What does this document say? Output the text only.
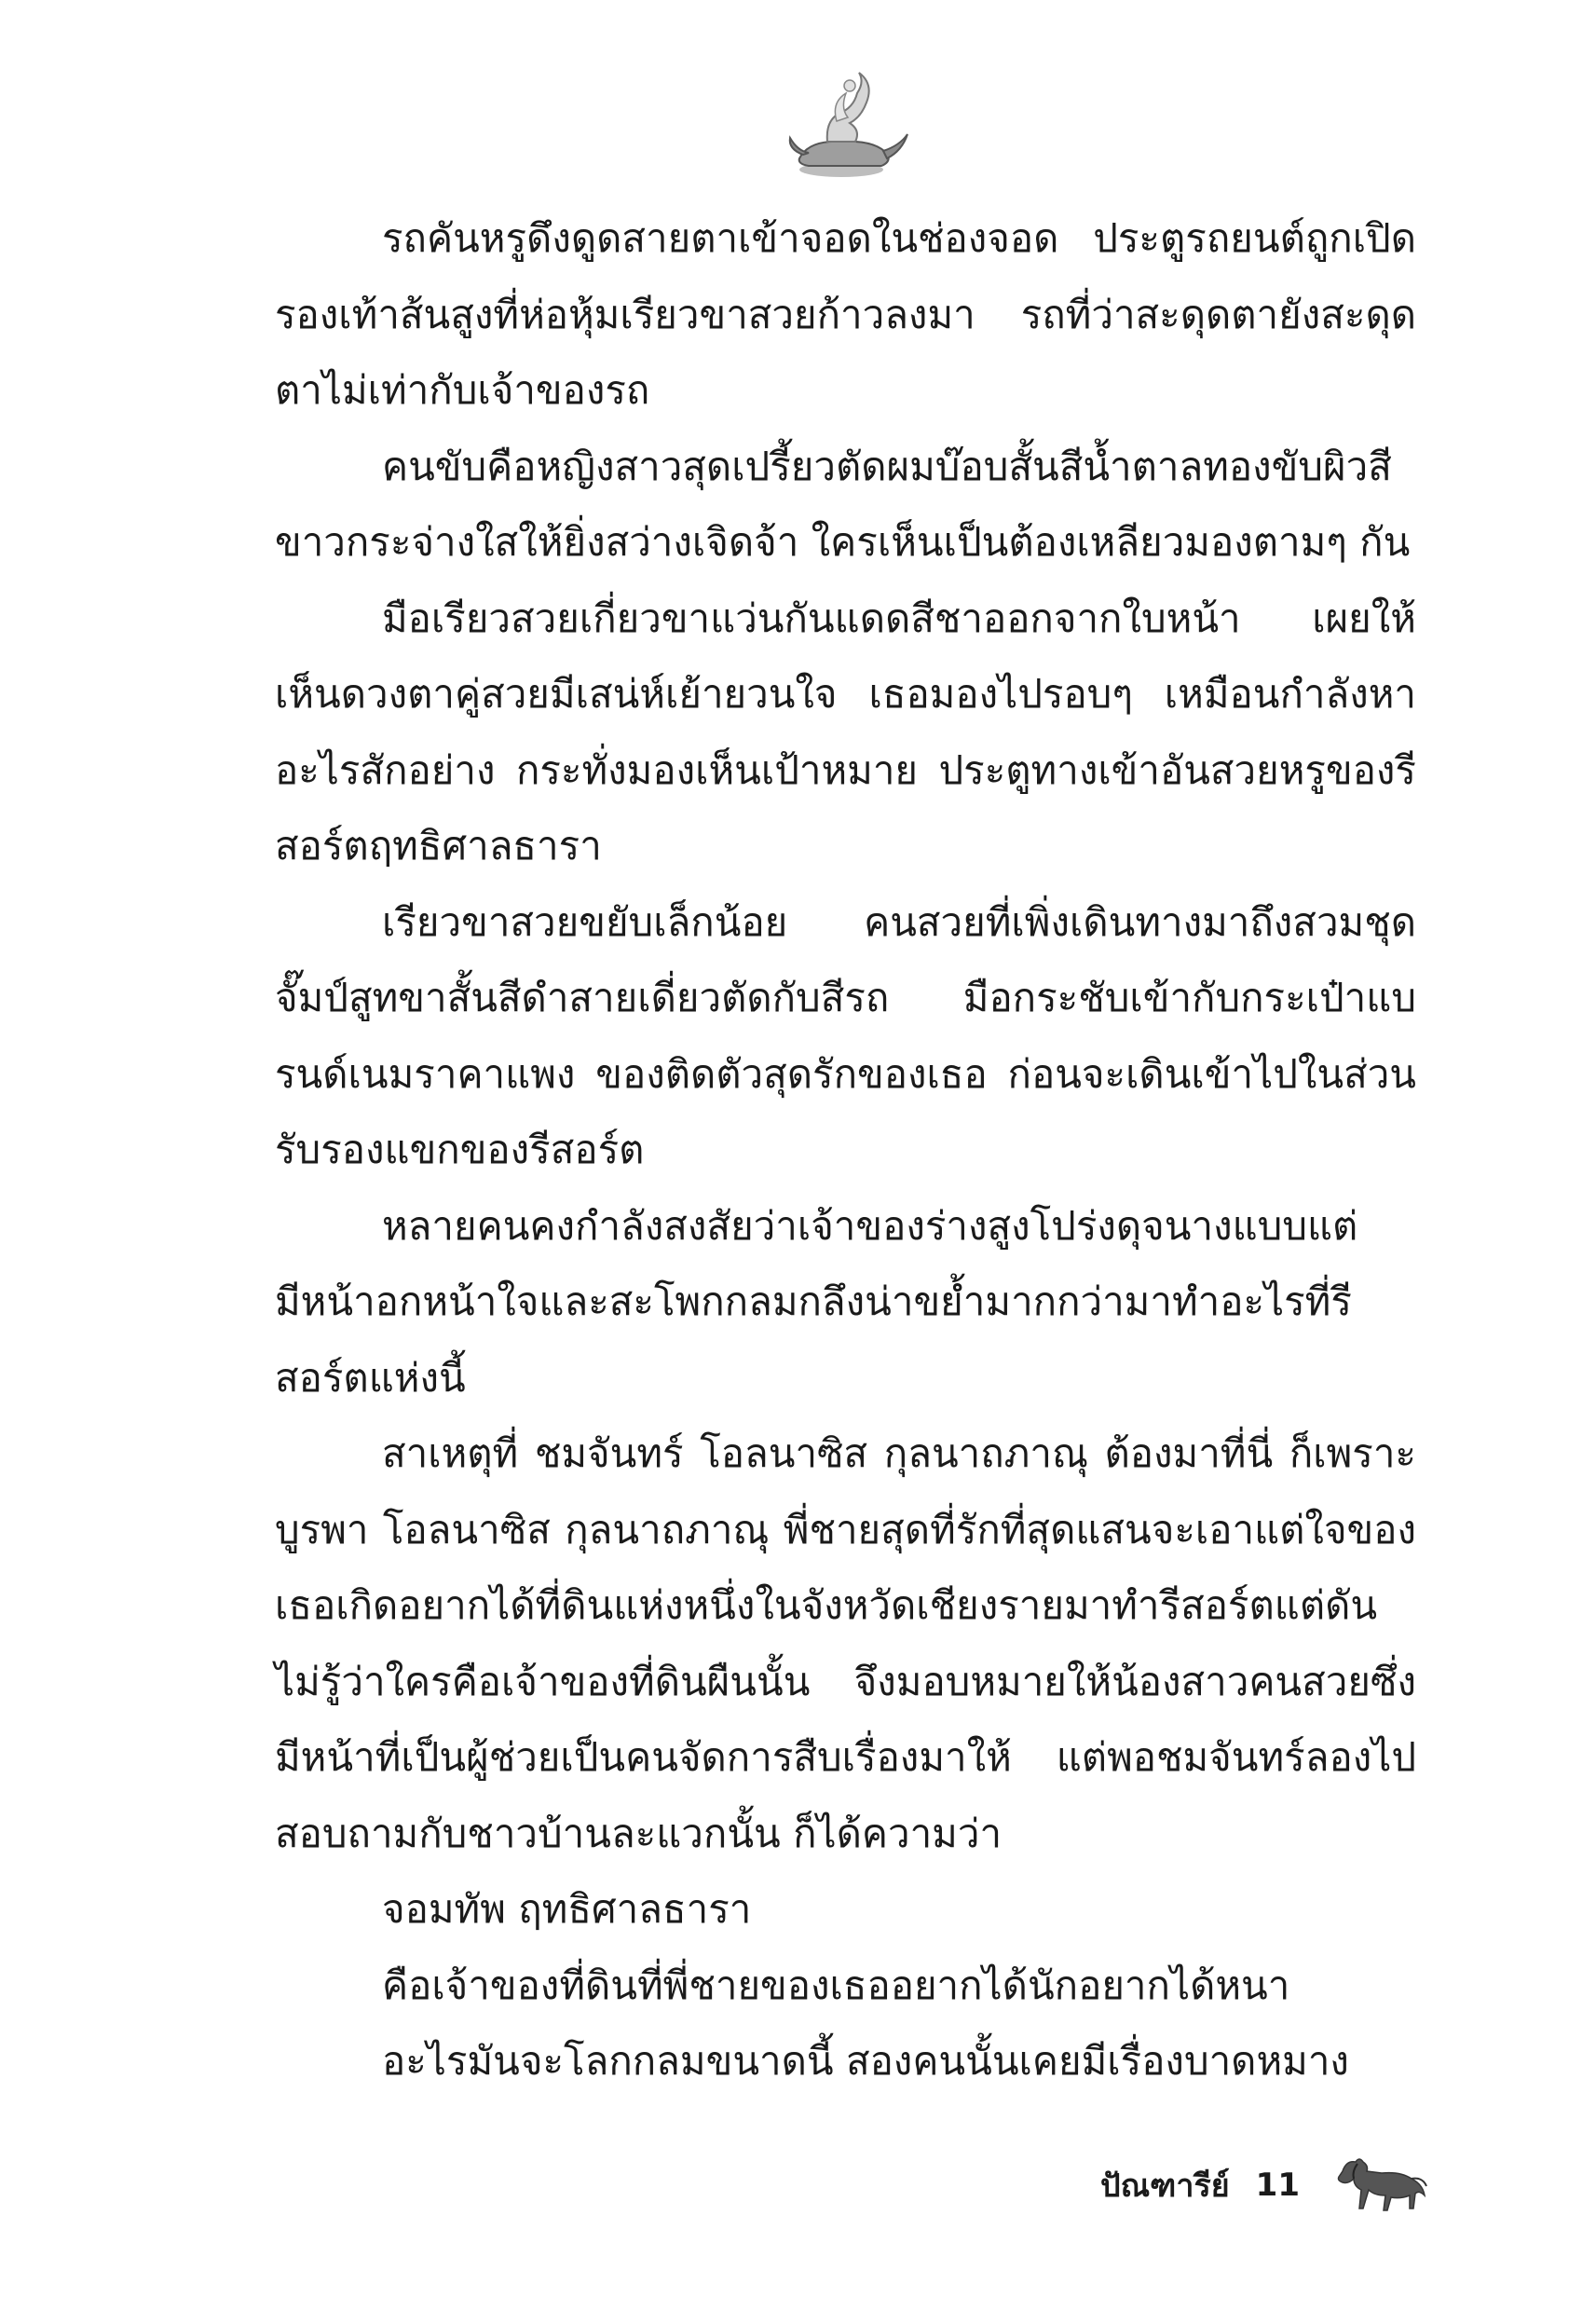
รถคันหรูดึงดูดสายตาเข้าจอดในช่องจอด ประตูรถยนต์ถูกเปิด รองเท้าส้นสูงที่ห่อหุ้มเรียวขาสวยก้าวลงมา รถที่ว่าสะดุดตายังสะดุดตาไม่เท่ากับเจ้าของรถ

คนขับคือหญิงสาวสุดเปรี้ยวตัดผมบ๊อบสั้นสีน้ำตาลทองขับผิวสีขาวกระจ่างใสให้ยิ่งสว่างเจิดจ้า ใครเห็นเป็นต้องเหลียวมองตามๆ กัน

มือเรียวสวยเกี่ยวขาแว่นกันแดดสีชาออกจากใบหน้า เผยให้เห็นดวงตาคู่สวยมีเสน่ห์เย้ายวนใจ เธอมองไปรอบๆ เหมือนกำลังหาอะไรสักอย่าง กระทั่งมองเห็นเป้าหมาย ประตูทางเข้าอันสวยหรูของรีสอร์ตฤทธิศาลธารา

เรียวขาสวยขยับเล็กน้อย คนสวยที่เพิ่งเดินทางมาถึงสวมชุดจั๊มป์สูทขาสั้นสีดำสายเดี่ยวตัดกับสีรถ มือกระชับเข้ากับกระเป๋าแบรนด์เนมราคาแพง ของติดตัวสุดรักของเธอ ก่อนจะเดินเข้าไปในส่วนรับรองแขกของรีสอร์ต

หลายคนคงกำลังสงสัยว่าเจ้าของร่างสูงโปร่งดุจนางแบบแต่มีหน้าอกหน้าใจและสะโพกกลมกลึงน่าขย้ำมากกว่ามาทำอะไรที่รีสอร์ตแห่งนี้

สาเหตุที่ ชมจันทร์ โอลนาซิส กุลนาถภาณุ ต้องมาที่นี่ ก็เพราะบูรพา โอลนาซิส กุลนาถภาณุ พี่ชายสุดที่รักที่สุดแสนจะเอาแต่ใจของเธอเกิดอยากได้ที่ดินแห่งหนึ่งในจังหวัดเชียงรายมาทำรีสอร์ตแต่ดันไม่รู้ว่าใครคือเจ้าของที่ดินผืนนั้น จึงมอบหมายให้น้องสาวคนสวยซึ่งมีหน้าที่เป็นผู้ช่วยเป็นคนจัดการสืบเรื่องมาให้ แต่พอชมจันทร์ลองไปสอบถามกับชาวบ้านละแวกนั้น ก็ได้ความว่า

จอมทัพ ฤทธิศาลธารา

คือเจ้าของที่ดินที่พี่ชายของเธออยากได้นักอยากได้หนา

อะไรมันจะโลกกลมขนาดนี้ สองคนนั้นเคยมีเรื่องบาดหมาง

ปัณฑารีย์ 11
